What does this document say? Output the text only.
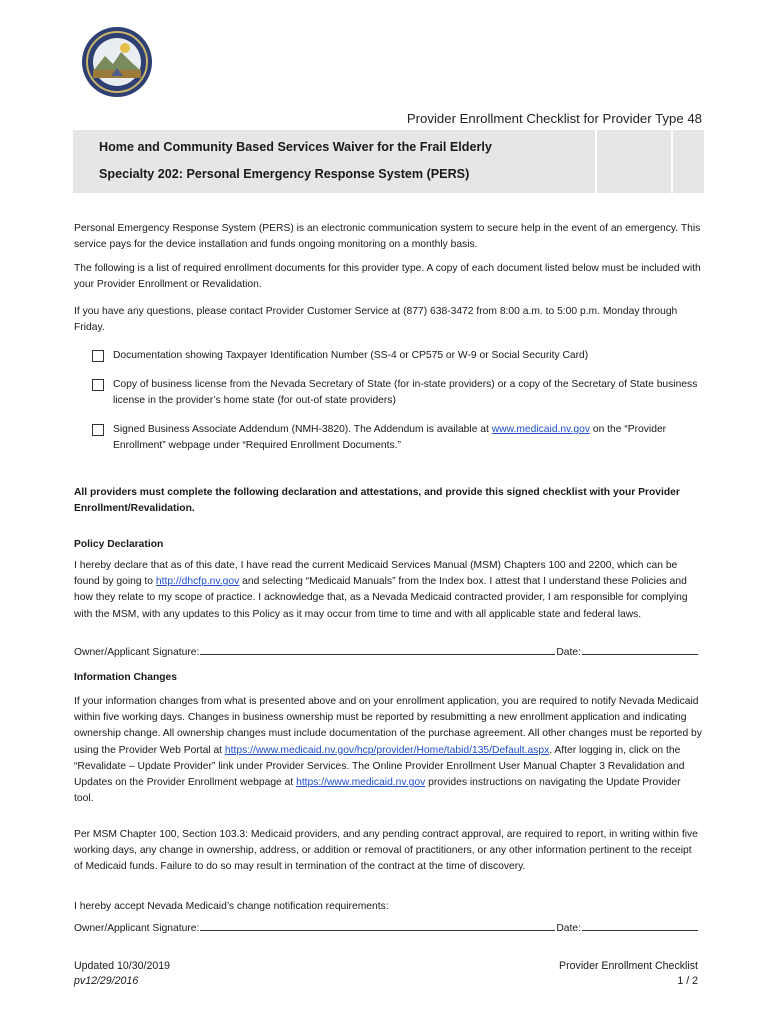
Provider Enrollment Checklist for Provider Type 48
Home and Community Based Services Waiver for the Frail Elderly
Specialty 202: Personal Emergency Response System (PERS)
Personal Emergency Response System (PERS) is an electronic communication system to secure help in the event of an emergency. This service pays for the device installation and funds ongoing monitoring on a monthly basis.
The following is a list of required enrollment documents for this provider type. A copy of each document listed below must be included with your Provider Enrollment or Revalidation.
If you have any questions, please contact Provider Customer Service at (877) 638-3472 from 8:00 a.m. to 5:00 p.m. Monday through Friday.
Documentation showing Taxpayer Identification Number (SS-4 or CP575 or W-9 or Social Security Card)
Copy of business license from the Nevada Secretary of State (for in-state providers) or a copy of the Secretary of State business license in the provider’s home state (for out-of state providers)
Signed Business Associate Addendum (NMH-3820). The Addendum is available at www.medicaid.nv.gov on the “Provider Enrollment” webpage under “Required Enrollment Documents.”
All providers must complete the following declaration and attestations, and provide this signed checklist with your Provider Enrollment/Revalidation.
Policy Declaration
I hereby declare that as of this date, I have read the current Medicaid Services Manual (MSM) Chapters 100 and 2200, which can be found by going to http://dhcfp.nv.gov and selecting “Medicaid Manuals” from the Index box. I attest that I understand these Policies and how they relate to my scope of practice. I acknowledge that, as a Nevada Medicaid contracted provider, I am responsible for complying with the MSM, with any updates to this Policy as it may occur from time to time and with all applicable state and federal laws.
Owner/Applicant Signature:	Date:
Information Changes
If your information changes from what is presented above and on your enrollment application, you are required to notify Nevada Medicaid within five working days. Changes in business ownership must be reported by resubmitting a new enrollment application and indicating ownership change. All ownership changes must include documentation of the purchase agreement. All other changes must be reported by using the Provider Web Portal at https://www.medicaid.nv.gov/hcp/provider/Home/tabid/135/Default.aspx. After logging in, click on the “Revalidate – Update Provider” link under Provider Services. The Online Provider Enrollment User Manual Chapter 3 Revalidation and Updates on the Provider Enrollment webpage at https://www.medicaid.nv.gov provides instructions on navigating the Update Provider tool.
Per MSM Chapter 100, Section 103.3: Medicaid providers, and any pending contract approval, are required to report, in writing within five working days, any change in ownership, address, or addition or removal of practitioners, or any other information pertinent to the receipt of Medicaid funds. Failure to do so may result in termination of the contract at the time of discovery.
I hereby accept Nevada Medicaid’s change notification requirements:
Owner/Applicant Signature:	Date:
Updated 10/30/2019
pv12/29/2016
Provider Enrollment Checklist
1 / 2
